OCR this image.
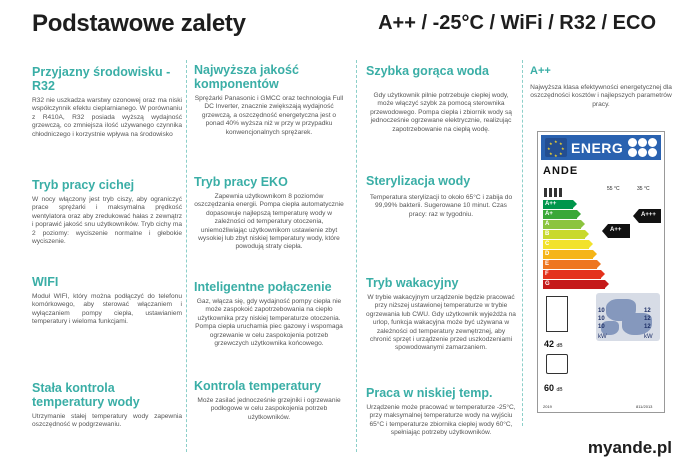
Podstawowe zalety	A++ / -25°C / WiFi / R32 / ECO
Przyjazny środowisku - R32

R32 nie uszkadza warstwy ozonowej oraz ma niski współczynnik efektu cieplarnianego. W porównaniu z R410A, R32 posiada wyższą wydajność grzewczą, co zmniejsza ilość używanego czynnika chłodniczego i korzystnie wpływa na środowisko

Tryb pracy cichej

W nocy włączony jest tryb ciszy, aby ograniczyć prace sprężarki i maksymalna prędkość wentylatora oraz aby zredukować hałas z zewnątrz i poprawić jakość snu użytkowników. Tryb cichy ma 2 poziomy: wyciszenie normalne i głebokie wyciszenie.

WIFI

Moduł WIFI, który można podłączyć do telefonu komórkowego, aby sterować włączaniem i wyłączaniem pompy ciepła, ustawianiem temperatury i wieloma funkcjami.

Stała kontrola temperatury wody

Utrzymanie stałej temperatury wody zapewnia oszczędność w podgrzewaniu.

Najwyższa jakość komponentów

Sprężarki Panasonic i GMCC oraz technologia Full DC Inverter, znacznie zwiększają wydajność grzewczą, a oszczędność energetyczna jest o ponad 40% wyższa niż w przy w przypadku konwencjonalnych sprężarek.

Tryb pracy EKO

Zapewnia użytkownikom 8 poziomów oszczędzania energii. Pompa ciepła automatycznie dopasowuje najlepszą temperaturę wody w zależności od temperatury otoczenia, uniemożliwiając użytkownikom ustawienie zbyt wysokiej lub zbyt niskiej temperatury wody, które powodują straty ciepła.

Inteligentne połączenie

Gaz, włącza się, gdy wydajność pompy ciepła nie może zaspokoić zapotrzebowania na ciepło użytkownika przy niskiej temperaturze otoczenia. Pompa ciepła uruchamia piec gazowy i wspomaga ogrzewanie w celu zaspokojenia potrzeb grzewczych użytkownika końcowego.

Kontrola temperatury

Może zasilać jednocześnie grzejniki i ogrzewanie podłogowe w celu zaspokojenia potrzeb użytkowników.

Szybka gorąca woda

Gdy użytkownik pilnie potrzebuje ciepłej wody, może włączyć szybk za pomocą sterownika przewodowego. Pompa ciepła i zbiornik wody są jednocześnie ogrzewane elektrycznie, realizując zapotrzebowanie na ciepłą wodę.

Sterylizacja wody

Temperatura sterylizacji to około 65°C i zabija do 99,99% bakterii. Sugerowane 10 minut. Czas pracy: raz w tygodniu.

Tryb wakacyjny

W trybie wakacyjnym urządzenie będzie pracować przy niższej ustawionej temperaturze w trybie ogrzewania lub CWU. Gdy użytkownik wyjeżdża na urlop, funkcja wakacyjna może być używana w zależności od temperatury zewnętrznej, aby chronić sprzęt i urządzenie przed uszkodzeniami spowodowanymi zamarzaniem.

Praca w niskiej temp.

Urządzenie może pracować w temperaturze -25°C, przy maksymalnej temperaturze wody na wyjściu 65°C i temperaturze zbiornika ciepłej wody 60°C, spełniając potrzeby użytkowników.

A++

Najwyższa klasa efektywności energetycznej dla oszczędności kosztów i najlepszych parametrów pracy.

★ ★
★
★
★
★
★
★ ENERG
ANDE
55 °C	35 °C
A++
A+
A
B
C
D
E
F
G
A++
A+++
42 dB
60 dB
10
10
10
12
12
12
kW	kW
2019	811/2013
myande.pl
